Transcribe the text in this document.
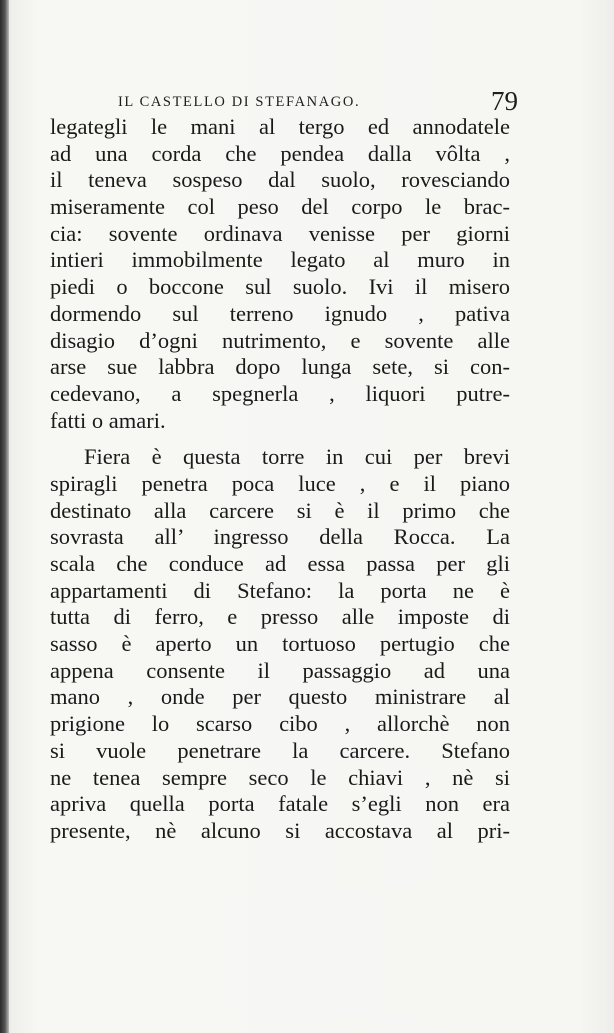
IL CASTELLO DI STEFANAGO.	79
legategli le mani al tergo ed annodatele
ad una corda che pendea dalla vôlta ,
il teneva sospeso dal suolo, rovesciando
miseramente col peso del corpo le brac-
cia: sovente ordinava venisse per giorni
intieri immobilmente legato al muro in
piedi o boccone sul suolo. Ivi il misero
dormendo sul terreno ignudo , pativa
disagio d’ogni nutrimento, e sovente alle
arse sue labbra dopo lunga sete, si con-
cedevano, a spegnerla , liquori putre-
fatti o amari.
Fiera è questa torre in cui per brevi
spiragli penetra poca luce , e il piano
destinato alla carcere si è il primo che
sovrasta all’ ingresso della Rocca. La
scala che conduce ad essa passa per gli
appartamenti di Stefano: la porta ne è
tutta di ferro, e presso alle imposte di
sasso è aperto un tortuoso pertugio che
appena consente il passaggio ad una
mano , onde per questo ministrare al
prigione lo scarso cibo , allorchè non
si vuole penetrare la carcere. Stefano
ne tenea sempre seco le chiavi , nè si
apriva quella porta fatale s’egli non era
presente, nè alcuno si accostava al pri-
